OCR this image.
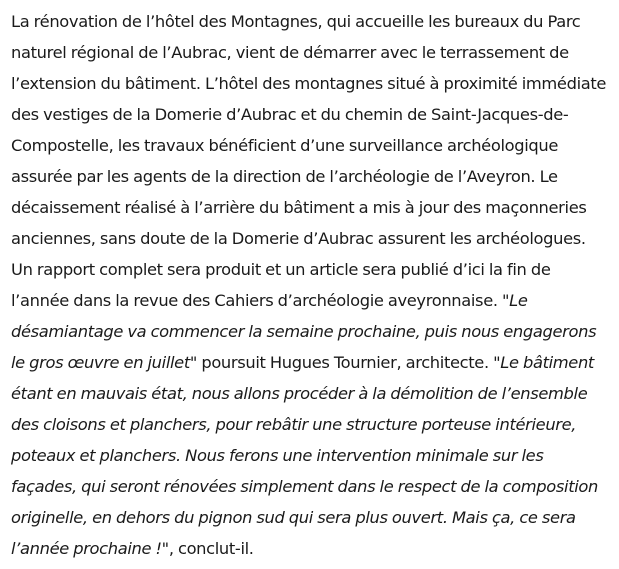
La rénovation de l’hôtel des Montagnes, qui accueille les bureaux du Parc naturel régional de l’Aubrac, vient de démarrer avec le terrassement de l’extension du bâtiment. L’hôtel des montagnes situé à proximité immédiate des vestiges de la Domerie d’Aubrac et du chemin de Saint-Jacques-de-Compostelle, les travaux bénéficient d’une surveillance archéologique assurée par les agents de la direction de l’archéologie de l’Aveyron. Le décaissement réalisé à l’arrière du bâtiment a mis à jour des maçonneries anciennes, sans doute de la Domerie d’Aubrac assurent les archéologues. Un rapport complet sera produit et un article sera publié d’ici la fin de l’année dans la revue des Cahiers d’archéologie aveyronnaise. "Le désamiantage va commencer la semaine prochaine, puis nous engagerons le gros œuvre en juillet" poursuit Hugues Tournier, architecte. "Le bâtiment étant en mauvais état, nous allons procéder à la démolition de l’ensemble des cloisons et planchers, pour rebâtir une structure porteuse intérieure, poteaux et planchers. Nous ferons une intervention minimale sur les façades, qui seront rénovées simplement dans le respect de la composition originelle, en dehors du pignon sud qui sera plus ouvert. Mais ça, ce sera l’année prochaine !", conclut-il.
